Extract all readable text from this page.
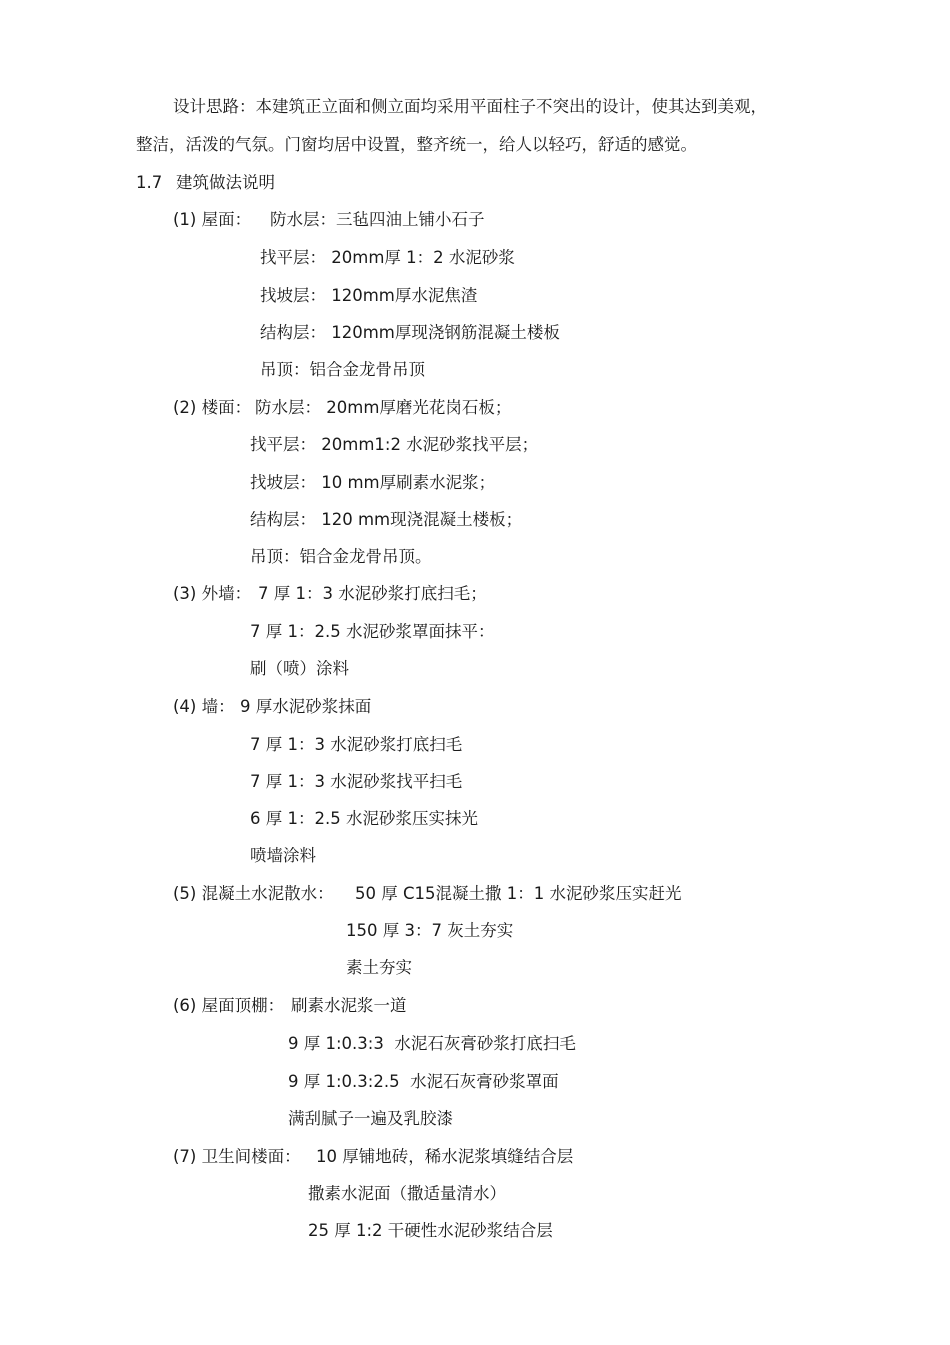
设计思路：本建筑正立面和侧立面均采用平面柱子不突出的设计，使其达到美观，
整洁，活泼的气氛。门窗均居中设置，整齐统一，给人以轻巧，舒适的感觉。
1.7 建筑做法说明
(1) 屋面： 防水层：三毡四油上铺小石子
找平层： 20mm厚 1：2 水泥砂浆
找坡层： 120mm厚水泥焦渣
结构层： 120mm厚现浇钢筋混凝土楼板
吊顶：铝合金龙骨吊顶
(2) 楼面： 防水层： 20mm厚磨光花岗石板；
找平层： 20mm1:2 水泥砂浆找平层；
找坡层： 10 mm厚刷素水泥浆；
结构层： 120 mm现浇混凝土楼板；
吊顶：铝合金龙骨吊顶。
(3) 外墙： 7 厚 1：3 水泥砂浆打底扫毛；
7 厚 1：2.5 水泥砂浆罩面抹平：
刷（喷）涂料
(4) 墙： 9 厚水泥砂浆抹面
7 厚 1：3 水泥砂浆打底扫毛
7 厚 1：3 水泥砂浆找平扫毛
6 厚 1：2.5 水泥砂浆压实抹光
喷墙涂料
(5) 混凝土水泥散水： 50 厚 C15混凝土撒 1：1 水泥砂浆压实赶光
150 厚 3：7 灰土夯实
素土夯实
(6) 屋面顶棚： 刷素水泥浆一道
9 厚 1:0.3:3  水泥石灰膏砂浆打底扫毛
9 厚 1:0.3:2.5  水泥石灰膏砂浆罩面
满刮腻子一遍及乳胶漆
(7) 卫生间楼面： 10 厚铺地砖，稀水泥浆填缝结合层
撒素水泥面（撒适量清水）
25 厚 1:2 干硬性水泥砂浆结合层
